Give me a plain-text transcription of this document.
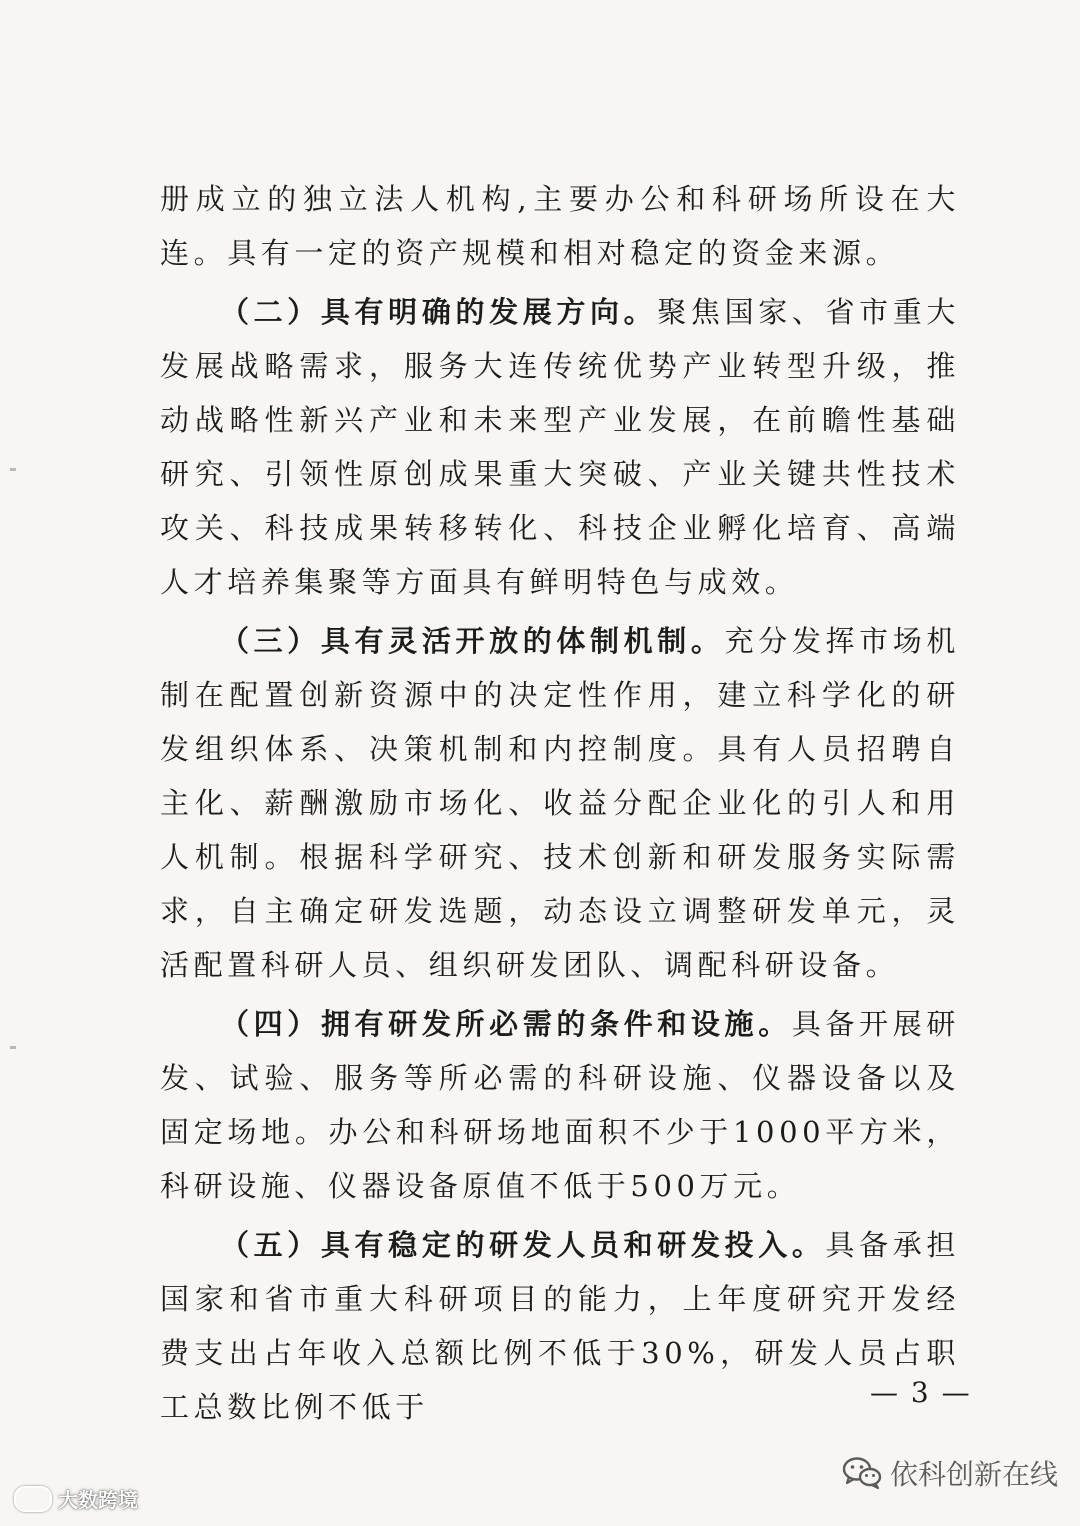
册成立的独立法人机构,主要办公和科研场所设在大连。具有一定的资产规模和相对稳定的资金来源。

（二）具有明确的发展方向。聚焦国家、省市重大发展战略需求，服务大连传统优势产业转型升级，推动战略性新兴产业和未来型产业发展，在前瞻性基础研究、引领性原创成果重大突破、产业关键共性技术攻关、科技成果转移转化、科技企业孵化培育、高端人才培养集聚等方面具有鲜明特色与成效。

（三）具有灵活开放的体制机制。充分发挥市场机制在配置创新资源中的决定性作用，建立科学化的研发组织体系、决策机制和内控制度。具有人员招聘自主化、薪酬激励市场化、收益分配企业化的引人和用人机制。根据科学研究、技术创新和研发服务实际需求，自主确定研发选题，动态设立调整研发单元，灵活配置科研人员、组织研发团队、调配科研设备。

（四）拥有研发所必需的条件和设施。具备开展研发、试验、服务等所必需的科研设施、仪器设备以及固定场地。办公和科研场地面积不少于1000平方米，科研设施、仪器设备原值不低于500万元。

（五）具有稳定的研发人员和研发投入。具备承担国家和省市重大科研项目的能力，上年度研究开发经费支出占年收入总额比例不低于30%，研发人员占职工总数比例不低于	— 3 —
大数跨境
依科创新在线
